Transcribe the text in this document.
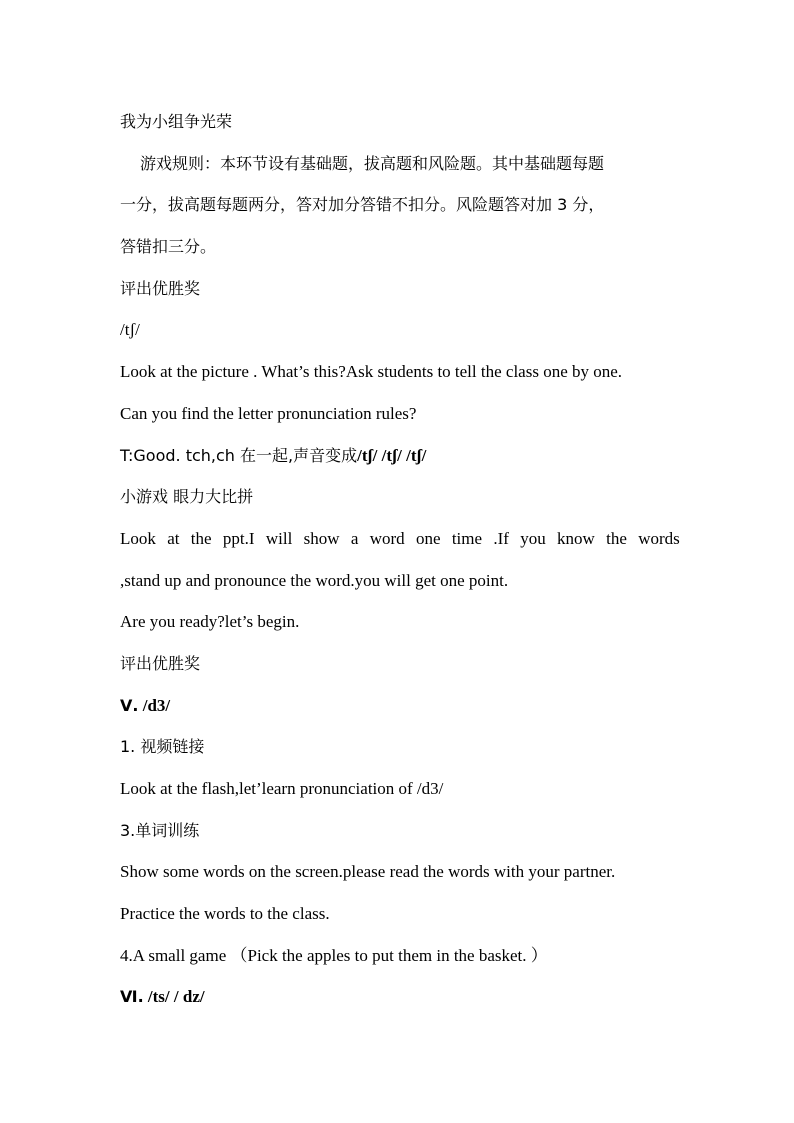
我为小组争光荣

游戏规则：本环节设有基础题，拔高题和风险题。其中基础题每题

一分，拔高题每题两分，答对加分答错不扣分。风险题答对加 3 分，

答错扣三分。

评出优胜奖

/tʃ/

Look at the picture . What’s this?Ask students to tell the class one by one.

Can you find the letter pronunciation rules?

T:Good. tch,ch 在一起,声音变成/tʃ/ /tʃ/ /tʃ/

小游戏 眼力大比拼

Look at the ppt.I will show a word one time .If you know the words

,stand up and pronounce the word.you will get one point.

Are you ready?let’s begin.

评出优胜奖

Ⅴ. /d3/

1. 视频链接

Look at the flash,let’learn pronunciation of /d3/

3.单词训练

Show some words on the screen.please read the words with your partner.

Practice the words to the class.

4.A small game （Pick the apples to put them in the basket. ）

Ⅵ. /ts/ / dz/
